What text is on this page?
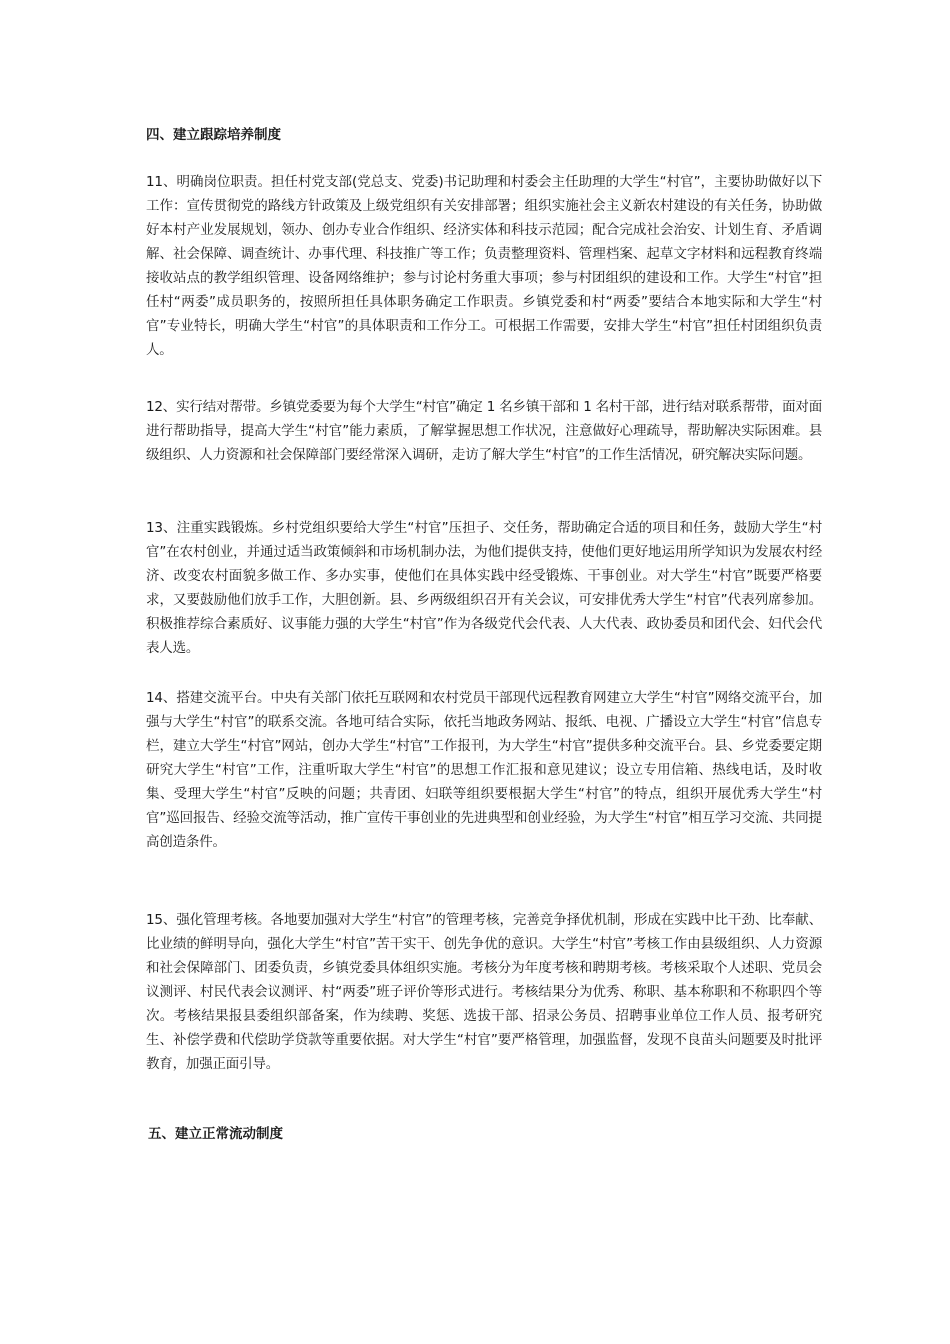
四、建立跟踪培养制度
11、明确岗位职责。担任村党支部(党总支、党委)书记助理和村委会主任助理的大学生“村官”，主要协助做好以下工作：宣传贯彻党的路线方针政策及上级党组织有关安排部署；组织实施社会主义新农村建设的有关任务，协助做好本村产业发展规划，领办、创办专业合作组织、经济实体和科技示范园；配合完成社会治安、计划生育、矛盾调解、社会保障、调查统计、办事代理、科技推广等工作；负责整理资料、管理档案、起草文字材料和远程教育终端接收站点的教学组织管理、设备网络维护；参与讨论村务重大事项；参与村团组织的建设和工作。大学生“村官”担任村“两委”成员职务的，按照所担任具体职务确定工作职责。乡镇党委和村“两委”要结合本地实际和大学生“村官”专业特长，明确大学生“村官”的具体职责和工作分工。可根据工作需要，安排大学生“村官”担任村团组织负责人。
12、实行结对帮带。乡镇党委要为每个大学生“村官”确定 1 名乡镇干部和 1 名村干部，进行结对联系帮带，面对面进行帮助指导，提高大学生“村官”能力素质，了解掌握思想工作状况，注意做好心理疏导，帮助解决实际困难。县级组织、人力资源和社会保障部门要经常深入调研，走访了解大学生“村官”的工作生活情况，研究解决实际问题。
13、注重实践锻炼。乡村党组织要给大学生“村官”压担子、交任务，帮助确定合适的项目和任务，鼓励大学生“村官”在农村创业，并通过适当政策倾斜和市场机制办法，为他们提供支持，使他们更好地运用所学知识为发展农村经济、改变农村面貌多做工作、多办实事，使他们在具体实践中经受锻炼、干事创业。对大学生“村官”既要严格要求，又要鼓励他们放手工作，大胆创新。县、乡两级组织召开有关会议，可安排优秀大学生“村官”代表列席参加。积极推荐综合素质好、议事能力强的大学生“村官”作为各级党代会代表、人大代表、政协委员和团代会、妇代会代表人选。
14、搭建交流平台。中央有关部门依托互联网和农村党员干部现代远程教育网建立大学生“村官”网络交流平台，加强与大学生“村官”的联系交流。各地可结合实际，依托当地政务网站、报纸、电视、广播设立大学生“村官”信息专栏，建立大学生“村官”网站，创办大学生“村官”工作报刊，为大学生“村官”提供多种交流平台。县、乡党委要定期研究大学生“村官”工作，注重听取大学生“村官”的思想工作汇报和意见建议；设立专用信箱、热线电话，及时收集、受理大学生“村官”反映的问题；共青团、妇联等组织要根据大学生“村官”的特点，组织开展优秀大学生“村官”巡回报告、经验交流等活动，推广宣传干事创业的先进典型和创业经验，为大学生“村官”相互学习交流、共同提高创造条件。
15、强化管理考核。各地要加强对大学生“村官”的管理考核，完善竞争择优机制，形成在实践中比干劲、比奉献、比业绩的鲜明导向，强化大学生“村官”苦干实干、创先争优的意识。大学生“村官”考核工作由县级组织、人力资源和社会保障部门、团委负责，乡镇党委具体组织实施。考核分为年度考核和聘期考核。考核采取个人述职、党员会议测评、村民代表会议测评、村“两委”班子评价等形式进行。考核结果分为优秀、称职、基本称职和不称职四个等次。考核结果报县委组织部备案，作为续聘、奖惩、选拔干部、招录公务员、招聘事业单位工作人员、报考研究生、补偿学费和代偿助学贷款等重要依据。对大学生“村官”要严格管理，加强监督，发现不良苗头问题要及时批评教育，加强正面引导。
五、建立正常流动制度
